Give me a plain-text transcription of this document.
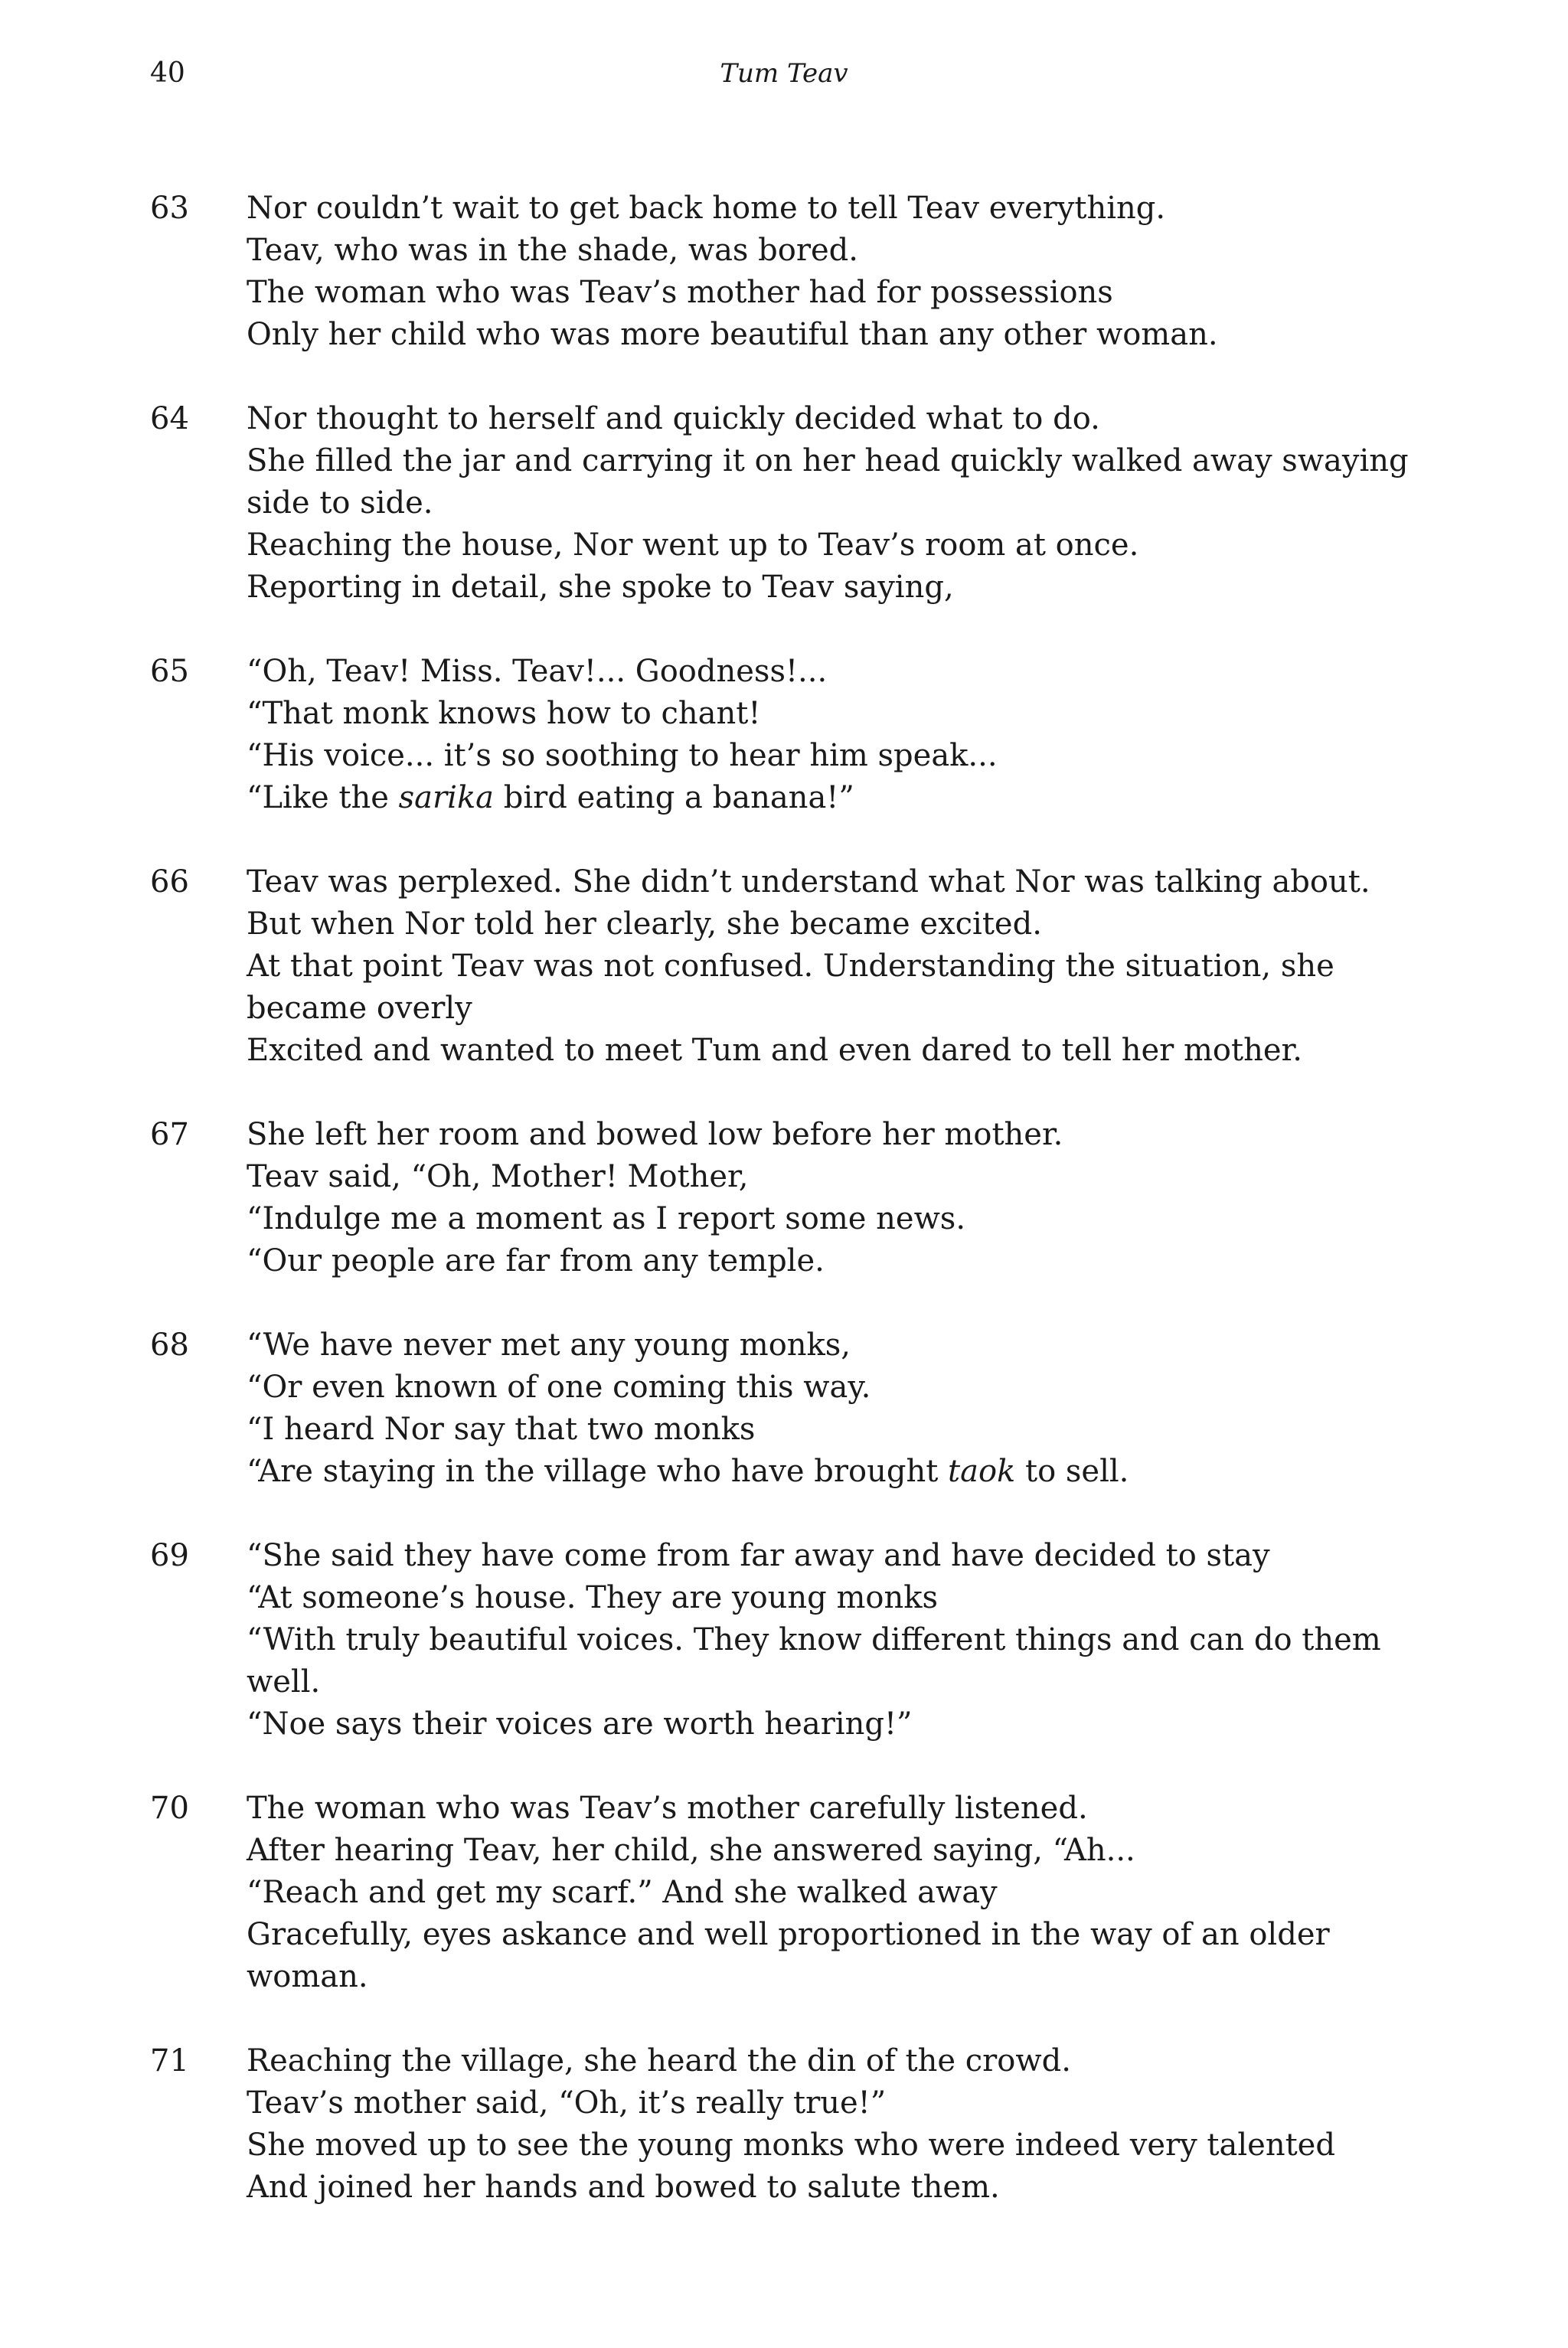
40	Tum Teav
63 Nor couldn’t wait to get back home to tell Teav everything.
Teav, who was in the shade, was bored.
The woman who was Teav’s mother had for possessions
Only her child who was more beautiful than any other woman.
64 Nor thought to herself and quickly decided what to do.
She filled the jar and carrying it on her head quickly walked away swaying side to side.
Reaching the house, Nor went up to Teav’s room at once.
Reporting in detail, she spoke to Teav saying,
65 “Oh, Teav! Miss. Teav!... Goodness!...
“That monk knows how to chant!
“His voice... it’s so soothing to hear him speak...
“Like the sarika bird eating a banana!”
66 Teav was perplexed. She didn’t understand what Nor was talking about.
But when Nor told her clearly, she became excited.
At that point Teav was not confused. Understanding the situation, she became overly
Excited and wanted to meet Tum and even dared to tell her mother.
67 She left her room and bowed low before her mother.
Teav said, “Oh, Mother! Mother,
“Indulge me a moment as I report some news.
“Our people are far from any temple.
68 “We have never met any young monks,
“Or even known of one coming this way.
“I heard Nor say that two monks
“Are staying in the village who have brought taok to sell.
69 “She said they have come from far away and have decided to stay
“At someone’s house. They are young monks
“With truly beautiful voices. They know different things and can do them well.
“Noe says their voices are worth hearing!”
70 The woman who was Teav’s mother carefully listened.
After hearing Teav, her child, she answered saying, “Ah...
“Reach and get my scarf.” And she walked away
Gracefully, eyes askance and well proportioned in the way of an older woman.
71 Reaching the village, she heard the din of the crowd.
Teav’s mother said, “Oh, it’s really true!”
She moved up to see the young monks who were indeed very talented
And joined her hands and bowed to salute them.
